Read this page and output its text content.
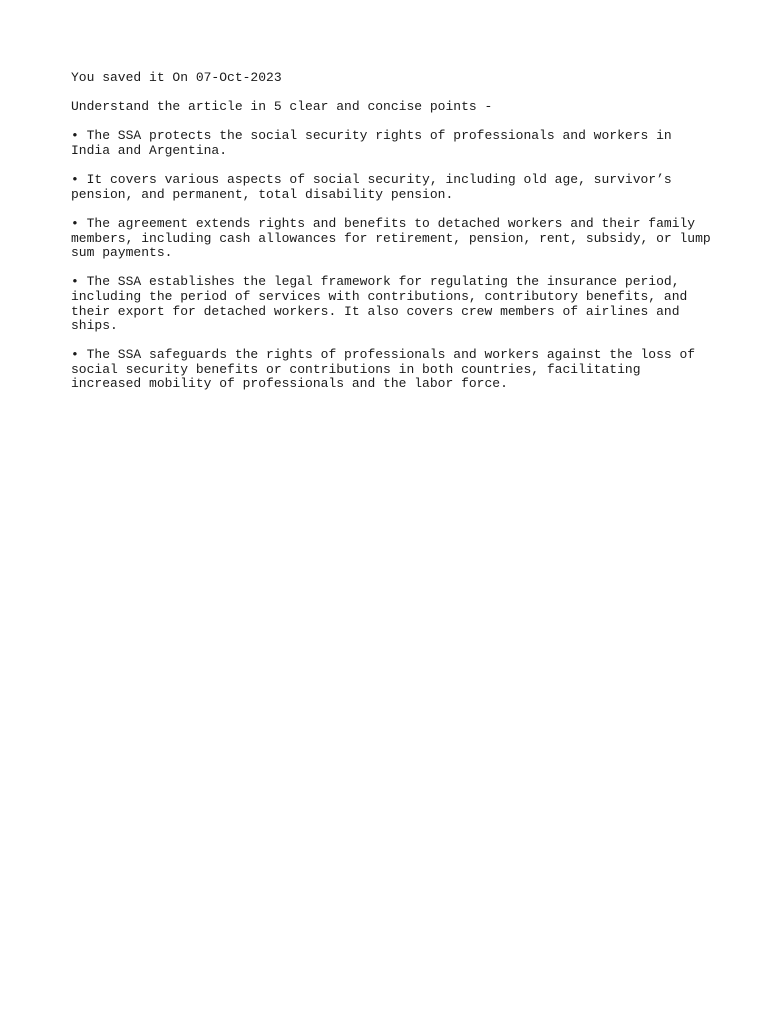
You saved it On 07-Oct-2023

Understand the article in 5 clear and concise points -

• The SSA protects the social security rights of professionals and workers in India and Argentina.

• It covers various aspects of social security, including old age, survivor’s pension, and permanent, total disability pension.

• The agreement extends rights and benefits to detached workers and their family members, including cash allowances for retirement, pension, rent, subsidy, or lump sum payments.

• The SSA establishes the legal framework for regulating the insurance period, including the period of services with contributions, contributory benefits, and their export for detached workers. It also covers crew members of airlines and ships.

• The SSA safeguards the rights of professionals and workers against the loss of social security benefits or contributions in both countries, facilitating increased mobility of professionals and the labor force.
